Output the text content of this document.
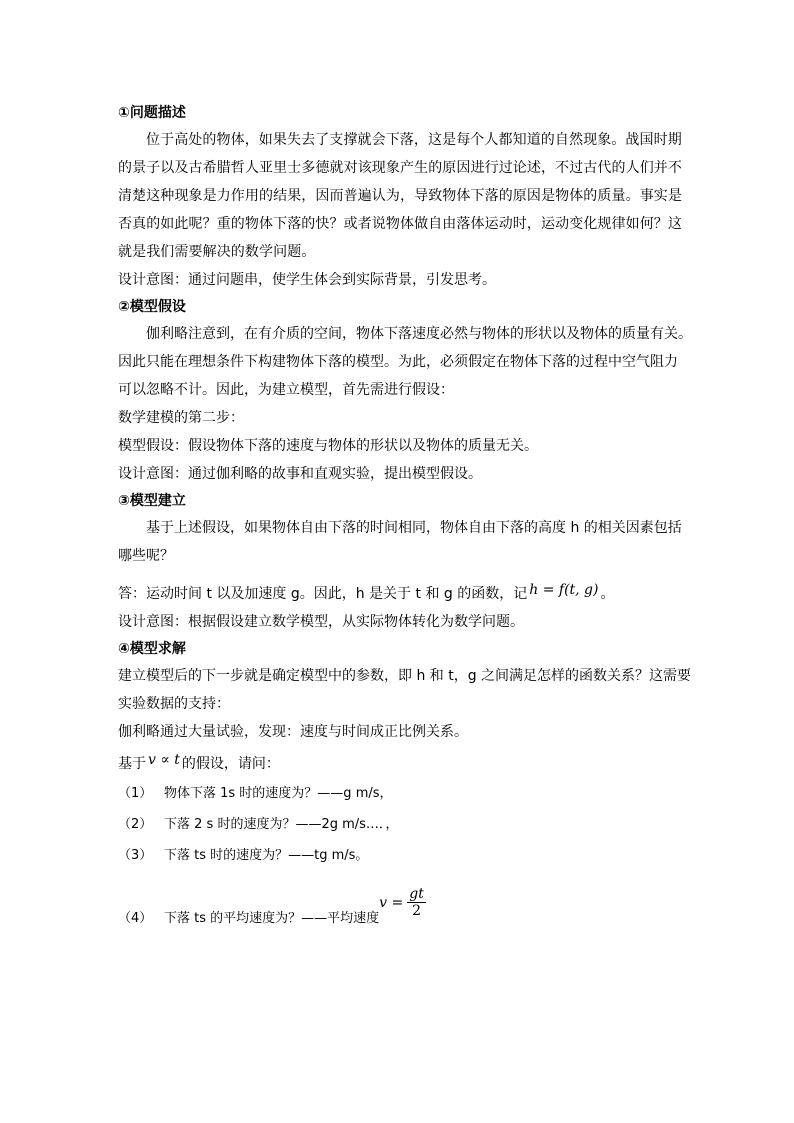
①问题描述
位于高处的物体，如果失去了支撑就会下落，这是每个人都知道的自然现象。战国时期
的景子以及古希腊哲人亚里士多德就对该现象产生的原因进行过论述，不过古代的人们并不
清楚这种现象是力作用的结果，因而普遍认为，导致物体下落的原因是物体的质量。事实是
否真的如此呢？重的物体下落的快？或者说物体做自由落体运动时，运动变化规律如何？这
就是我们需要解决的数学问题。
设计意图：通过问题串，使学生体会到实际背景，引发思考。
②模型假设
伽利略注意到，在有介质的空间，物体下落速度必然与物体的形状以及物体的质量有关。
因此只能在理想条件下构建物体下落的模型。为此，必须假定在物体下落的过程中空气阻力
可以忽略不计。因此，为建立模型，首先需进行假设：
数学建模的第二步：
模型假设：假设物体下落的速度与物体的形状以及物体的质量无关。
设计意图：通过伽利略的故事和直观实验，提出模型假设。
③模型建立
基于上述假设，如果物体自由下落的时间相同，物体自由下落的高度 h 的相关因素包括
哪些呢？
答：运动时间 t 以及加速度 g。因此，h 是关于 t 和 g 的函数，记 h = f(t, g) 。
设计意图：根据假设建立数学模型，从实际物体转化为数学问题。
④模型求解
建立模型后的下一步就是确定模型中的参数，即 h 和 t，g 之间满足怎样的函数关系？这需要
实验数据的支持：
伽利略通过大量试验，发现：速度与时间成正比例关系。
基于 v ∝ t 的假设，请问：
（1） 物体下落 1s 时的速度为？——g m/s，
（2） 下落 2 s 时的速度为？——2g m/s…．，
（3） 下落 ts 时的速度为？——tg m/s。
（4） 下落 ts 的平均速度为？——平均速度
$v = \frac{gt}{2}$
